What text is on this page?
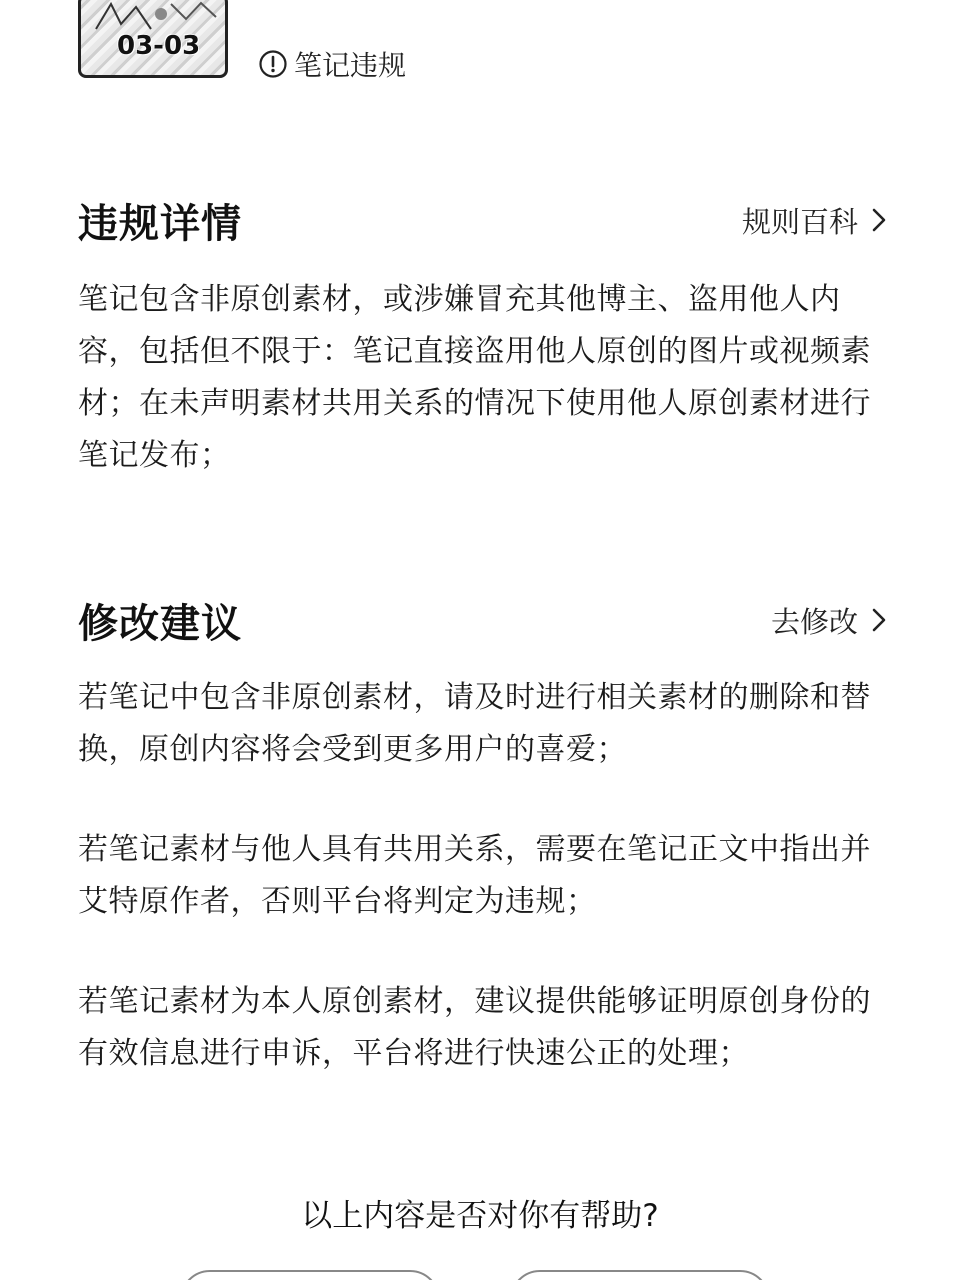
03-03
笔记违规
违规详情	规则百科
笔记包含非原创素材，或涉嫌冒充其他博主、盗用他人内容，包括但不限于：笔记直接盗用他人原创的图片或视频素材；在未声明素材共用关系的情况下使用他人原创素材进行笔记发布；
修改建议	去修改
若笔记中包含非原创素材，请及时进行相关素材的删除和替换，原创内容将会受到更多用户的喜爱；
若笔记素材与他人具有共用关系，需要在笔记正文中指出并艾特原作者，否则平台将判定为违规；
若笔记素材为本人原创素材，建议提供能够证明原创身份的有效信息进行申诉，平台将进行快速公正的处理；
以上内容是否对你有帮助?
